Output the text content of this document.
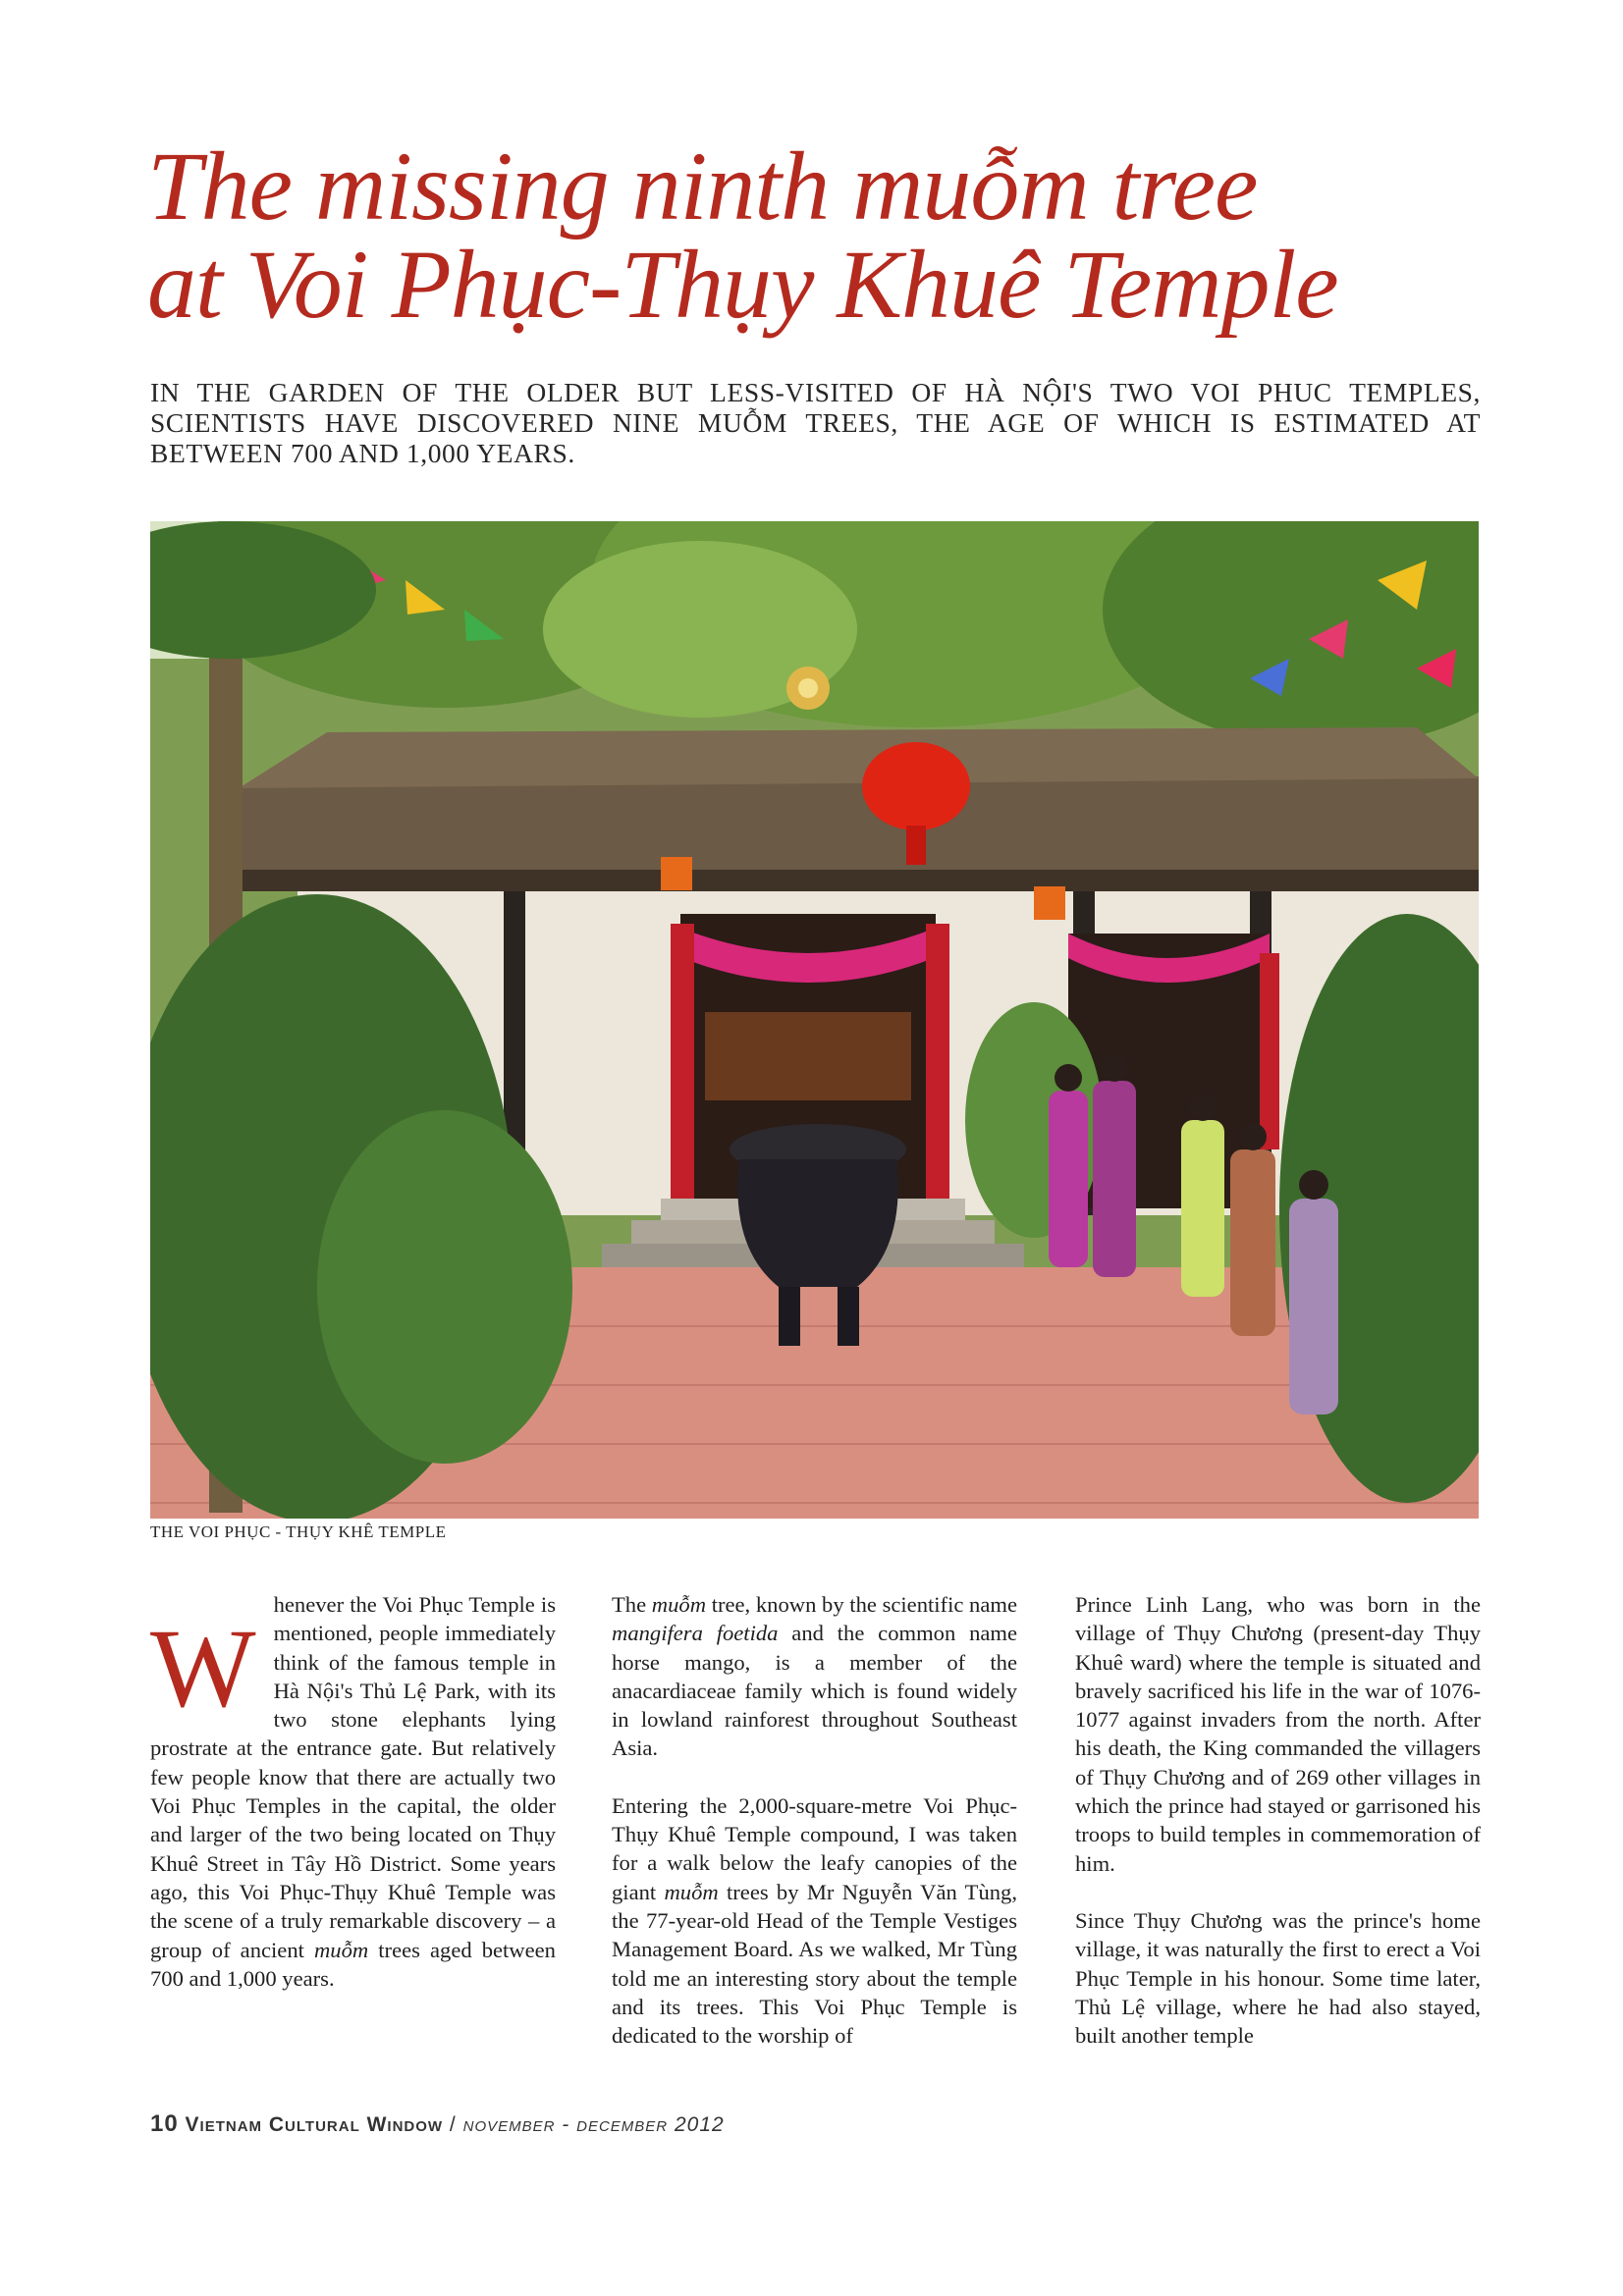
The missing ninth muỗm tree
at Voi Phục-Thụy Khuê Temple

IN THE GARDEN OF THE OLDER BUT LESS-VISITED OF HÀ NỘI'S TWO VOI PHUC TEMPLES, SCIENTISTS HAVE DISCOVERED NINE MUỖM TREES, THE AGE OF WHICH IS ESTIMATED AT BETWEEN 700 AND 1,000 YEARS.

THE VOI PHỤC - THỤY KHÊ TEMPLE

W
henever the Voi Phục Temple is mentioned, people immediately think of the famous temple in Hà Nội's Thủ Lệ Park, with its two stone elephants lying prostrate at the entrance gate. But relatively few people know that there are actually two Voi Phục Temples in the capital, the older and larger of the two being located on Thụy Khuê Street in Tây Hồ District. Some years ago, this Voi Phục-Thụy Khuê Temple was the scene of a truly remarkable discovery – a group of ancient muỗm trees aged between 700 and 1,000 years.

The muỗm tree, known by the scientific name mangifera foetida and the common name horse mango, is a member of the anacardiaceae family which is found widely in lowland rainforest throughout Southeast Asia.

Entering the 2,000-square-metre Voi Phục-Thụy Khuê Temple compound, I was taken for a walk below the leafy canopies of the giant muỗm trees by Mr Nguyễn Văn Tùng, the 77-year-old Head of the Temple Vestiges Management Board. As we walked, Mr Tùng told me an interesting story about the temple and its trees. This Voi Phục Temple is dedicated to the worship of

Prince Linh Lang, who was born in the village of Thụy Chương (present-day Thụy Khuê ward) where the temple is situated and bravely sacrificed his life in the war of 1076-1077 against invaders from the north. After his death, the King commanded the villagers of Thụy Chương and of 269 other villages in which the prince had stayed or garrisoned his troops to build temples in commemoration of him.

Since Thụy Chương was the prince's home village, it was naturally the first to erect a Voi Phục Temple in his honour. Some time later, Thủ Lệ village, where he had also stayed, built another temple

10 Vietnam Cultural Window / november - december 2012
